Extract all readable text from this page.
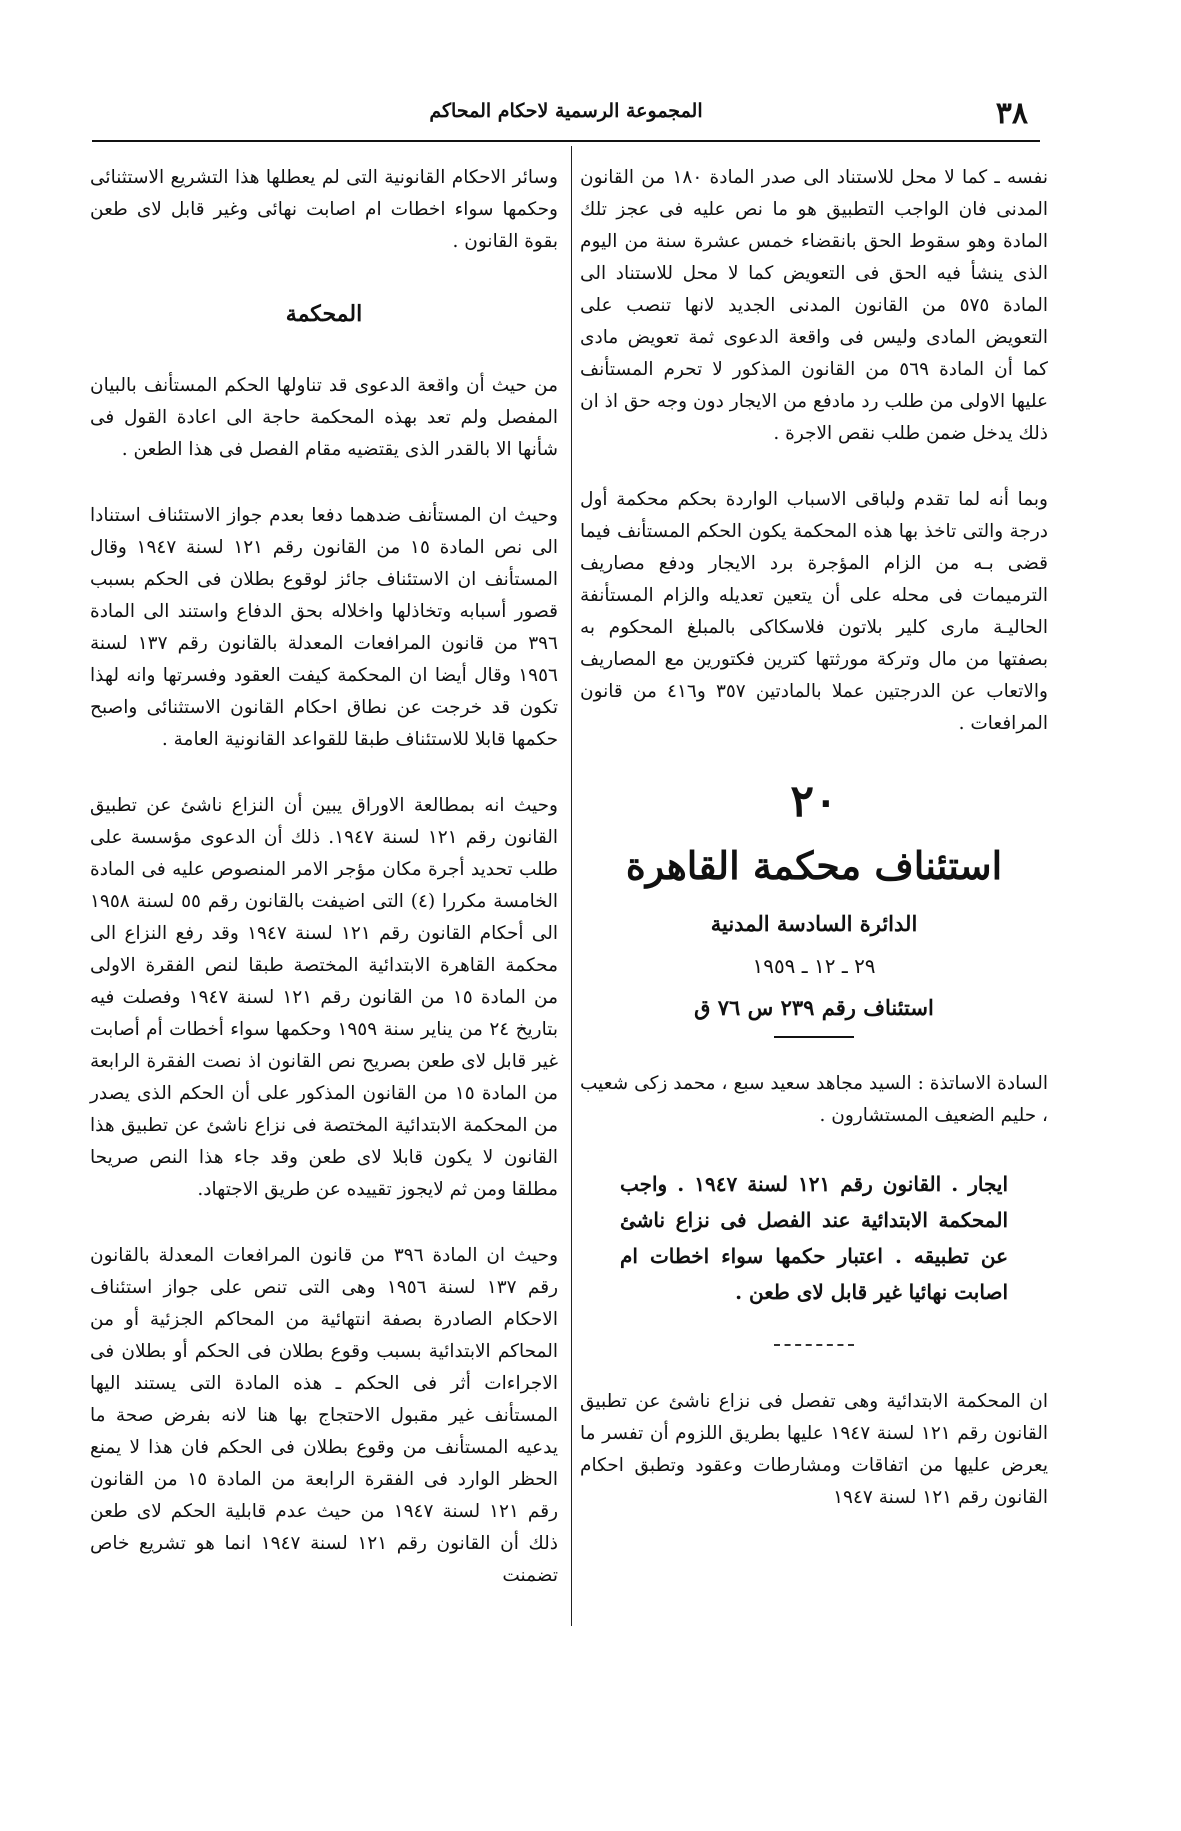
٣٨
المجموعة الرسمية لاحكام المحاكم

نفسه ـ كما لا محل للاستناد الى صدر المادة ١٨٠ من القانون المدنى فان الواجب التطبيق هو ما نص عليه فى عجز تلك المادة وهو سقوط الحق بانقضاء خمس عشرة سنة من اليوم الذى ينشأ فيه الحق فى التعويض كما لا محل للاستناد الى المادة ٥٧٥ من القانون المدنى الجديد لانها تنصب على التعويض المادى وليس فى واقعة الدعوى ثمة تعويض مادى كما أن المادة ٥٦٩ من القانون المذكور لا تحرم المستأنف عليها الاولى من طلب رد مادفع من الايجار دون وجه حق اذ ان ذلك يدخل ضمن طلب نقص الاجرة .

وبما أنه لما تقدم ولباقى الاسباب الواردة بحكم محكمة أول درجة والتى تاخذ بها هذه المحكمة يكون الحكم المستأنف فيما قضى بـه من الزام المؤجرة برد الايجار ودفع مصاريف الترميمات فى محله على أن يتعين تعديله والزام المستأنفة الحاليـة مارى كلير بلاتون فلاسكاكى بالمبلغ المحكوم به بصفتها من مال وتركة مورثتها كترين فكتورين مع المصاريف والاتعاب عن الدرجتين عملا بالمادتين ٣٥٧ و٤١٦ من قانون المرافعات .

٢٠
استئناف محكمة القاهرة
الدائرة السادسة المدنية
٢٩ ـ ١٢ ـ ١٩٥٩
استئناف رقم ٢٣٩ س ٧٦ ق

السادة الاساتذة : السيد مجاهد سعيد سبع ، محمد زكى شعيب ، حليم الضعيف المستشارون .

ايجار . القانون رقم ١٢١ لسنة ١٩٤٧ . واجب المحكمة الابتدائية عند الفصل فى نزاع ناشئ عن تطبيقه . اعتبار حكمها سواء اخطات ام اصابت نهائيا غير قابل لاى طعن .

ان المحكمة الابتدائية وهى تفصل فى نزاع ناشئ عن تطبيق القانون رقم ١٢١ لسنة ١٩٤٧ عليها بطريق اللزوم أن تفسر ما يعرض عليها من اتفاقات ومشارطات وعقود وتطبق احكام القانون رقم ١٢١ لسنة ١٩٤٧

وسائر الاحكام القانونية التى لم يعطلها هذا التشريع الاستثنائى وحكمها سواء اخطات ام اصابت نهائى وغير قابل لاى طعن بقوة القانون .

المحكمة

من حيث أن واقعة الدعوى قد تناولها الحكم المستأنف بالبيان المفصل ولم تعد بهذه المحكمة حاجة الى اعادة القول فى شأنها الا بالقدر الذى يقتضيه مقام الفصل فى هذا الطعن .

وحيث ان المستأنف ضدهما دفعا بعدم جواز الاستئناف استنادا الى نص المادة ١٥ من القانون رقم ١٢١ لسنة ١٩٤٧ وقال المستأنف ان الاستئناف جائز لوقوع بطلان فى الحكم بسبب قصور أسبابه وتخاذلها واخلاله بحق الدفاع واستند الى المادة ٣٩٦ من قانون المرافعات المعدلة بالقانون رقم ١٣٧ لسنة ١٩٥٦ وقال أيضا ان المحكمة كيفت العقود وفسرتها وانه لهذا تكون قد خرجت عن نطاق احكام القانون الاستثنائى واصبح حكمها قابلا للاستئناف طبقا للقواعد القانونية العامة .

وحيث انه بمطالعة الاوراق يبين أن النزاع ناشئ عن تطبيق القانون رقم ١٢١ لسنة ١٩٤٧. ذلك أن الدعوى مؤسسة على طلب تحديد أجرة مكان مؤجر الامر المنصوص عليه فى المادة الخامسة مكررا (٤) التى اضيفت بالقانون رقم ٥٥ لسنة ١٩٥٨ الى أحكام القانون رقم ١٢١ لسنة ١٩٤٧ وقد رفع النزاع الى محكمة القاهرة الابتدائية المختصة طبقا لنص الفقرة الاولى من المادة ١٥ من القانون رقم ١٢١ لسنة ١٩٤٧ وفصلت فيه بتاريخ ٢٤ من يناير سنة ١٩٥٩ وحكمها سواء أخطات أم أصابت غير قابل لاى طعن بصريح نص القانون اذ نصت الفقرة الرابعة من المادة ١٥ من القانون المذكور على أن الحكم الذى يصدر من المحكمة الابتدائية المختصة فى نزاع ناشئ عن تطبيق هذا القانون لا يكون قابلا لاى طعن وقد جاء هذا النص صريحا مطلقا ومن ثم لايجوز تقييده عن طريق الاجتهاد.

وحيث ان المادة ٣٩٦ من قانون المرافعات المعدلة بالقانون رقم ١٣٧ لسنة ١٩٥٦ وهى التى تنص على جواز استئناف الاحكام الصادرة بصفة انتهائية من المحاكم الجزئية أو من المحاكم الابتدائية بسبب وقوع بطلان فى الحكم أو بطلان فى الاجراءات أثر فى الحكم ـ هذه المادة التى يستند اليها المستأنف غير مقبول الاحتجاج بها هنا لانه بفرض صحة ما يدعيه المستأنف من وقوع بطلان فى الحكم فان هذا لا يمنع الحظر الوارد فى الفقرة الرابعة من المادة ١٥ من القانون رقم ١٢١ لسنة ١٩٤٧ من حيث عدم قابلية الحكم لاى طعن ذلك أن القانون رقم ١٢١ لسنة ١٩٤٧ انما هو تشريع خاص تضمنت
